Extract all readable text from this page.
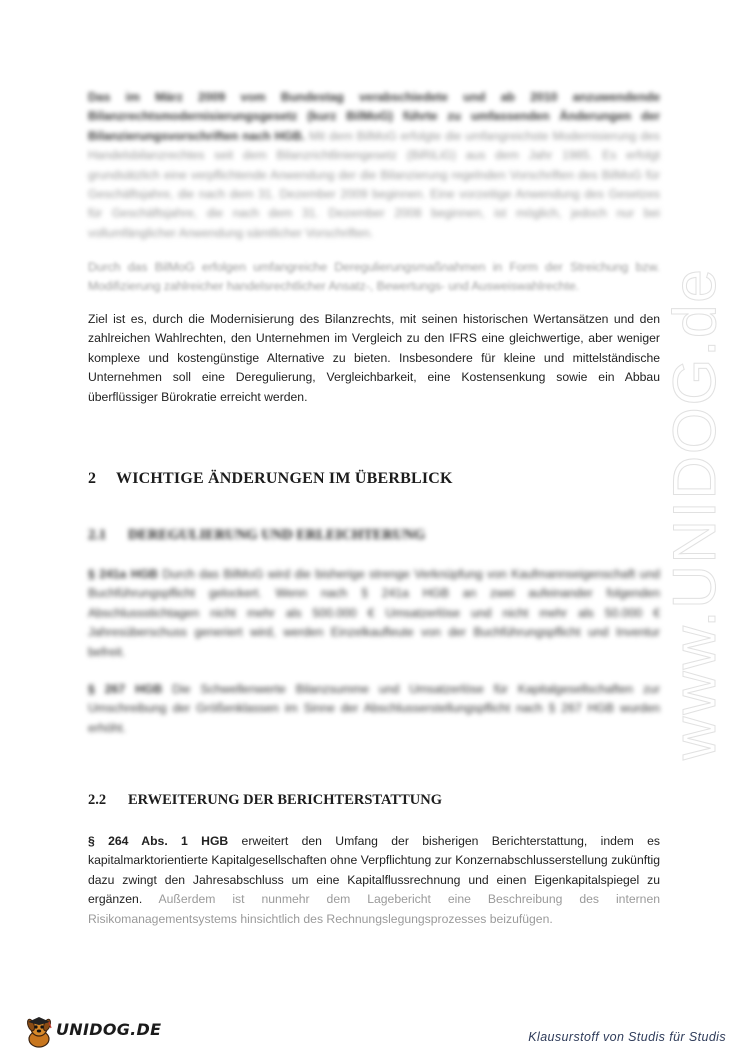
Das im März 2009 vom Bundestag verabschiedete und ab 2010 anzuwendende Bilanzrechtsmodernisierungsgesetz (kurz BilMoG) führte zu umfassenden Änderungen der Bilanzierungsvorschriften nach HGB. Mit dem BilMoG erfolgte die umfangreichste Modernisierung des Handelsbilanzrechtes seit dem Bilanzrichtliniengesetz (BiRiLiG) aus dem Jahr 1985. Es erfolgt grundsätzlich eine verpflichtende Anwendung der die Bilanzierung regelnden Vorschriften des BilMoG für Geschäftsjahre, die nach dem 31. Dezember 2009 beginnen. Eine vorzeitige Anwendung des Gesetzes für Geschäftsjahre, die nach dem 31. Dezember 2008 beginnen, ist möglich, jedoch nur bei vollumfänglicher Anwendung sämtlicher Vorschriften.

Durch das BilMoG erfolgen umfangreiche Deregulierungsmaßnahmen in Form der Streichung bzw. Modifizierung zahlreicher handelsrechtlicher Ansatz-, Bewertungs- und Ausweiswahlrechte.

Ziel ist es, durch die Modernisierung des Bilanzrechts, mit seinen historischen Wertansätzen und den zahlreichen Wahlrechten, den Unternehmen im Vergleich zu den IFRS eine gleichwertige, aber weniger komplexe und kostengünstige Alternative zu bieten. Insbesondere für kleine und mittelständische Unternehmen soll eine Deregulierung, Vergleichbarkeit, eine Kostensenkung sowie ein Abbau überflüssiger Bürokratie erreicht werden.

2 WICHTIGE ÄNDERUNGEN IM ÜBERBLICK
2.1 DEREGULIERUNG UND ERLEICHTERUNG

§ 241a HGB Durch das BilMoG wird die bisherige strenge Verknüpfung von Kaufmannseigenschaft und Buchführungspflicht gelockert. Wenn nach § 241a HGB an zwei aufeinander folgenden Abschlussstichtagen nicht mehr als 500.000 € Umsatzerlöse und nicht mehr als 50.000 € Jahresüberschuss generiert wird, werden Einzelkaufleute von der Buchführungspflicht und Inventur befreit.

§ 267 HGB Die Schwellenwerte Bilanzsumme und Umsatzerlöse für Kapitalgesellschaften zur Umschreibung der Größenklassen im Sinne der Abschlusserstellungspflicht nach § 267 HGB wurden erhöht.

2.2 ERWEITERUNG DER BERICHTERSTATTUNG

§ 264 Abs. 1 HGB erweitert den Umfang der bisherigen Berichterstattung, indem es kapitalmarktorientierte Kapitalgesellschaften ohne Verpflichtung zur Konzernabschlusserstellung zukünftig dazu zwingt den Jahresabschluss um eine Kapitalflussrechnung und einen Eigenkapitalspiegel zu ergänzen. Außerdem ist nunmehr dem Lagebericht eine Beschreibung des internen Risikomanagementsystems hinsichtlich des Rechnungslegungsprozesses beizufügen.

www.UNIDOG.de
UNIDOG.DE	Klausurstoff von Studis für Studis
